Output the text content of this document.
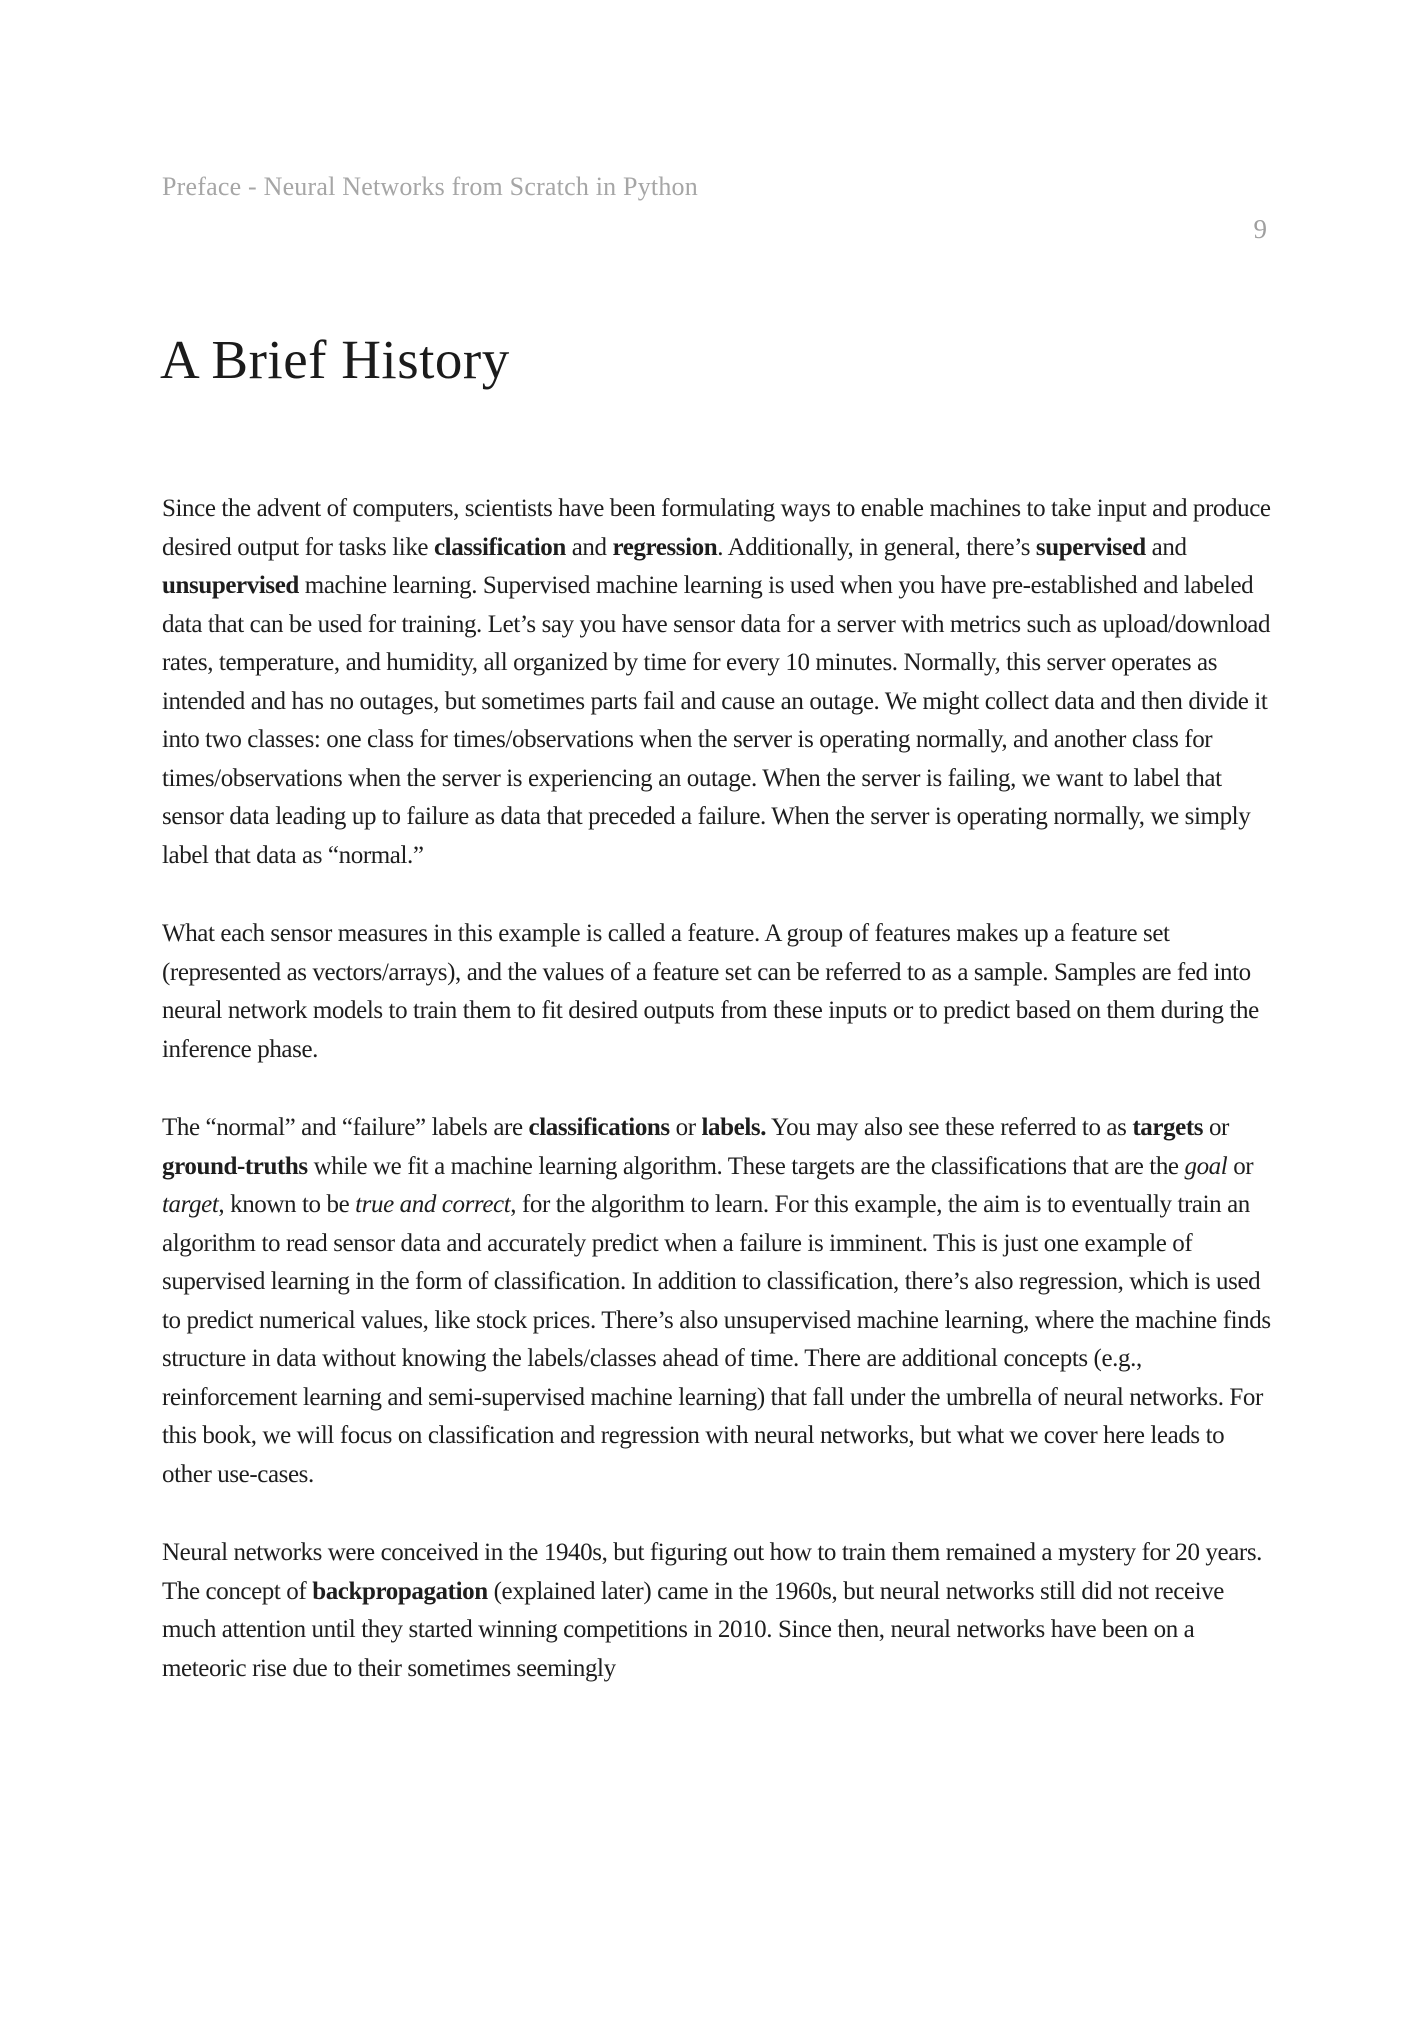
Preface - Neural Networks from Scratch in Python
9
A Brief History

Since the advent of computers, scientists have been formulating ways to enable machines to take input and produce desired output for tasks like classification and regression. Additionally, in general, there’s supervised and unsupervised machine learning. Supervised machine learning is used when you have pre-established and labeled data that can be used for training. Let’s say you have sensor data for a server with metrics such as upload/download rates, temperature, and humidity, all organized by time for every 10 minutes. Normally, this server operates as intended and has no outages, but sometimes parts fail and cause an outage. We might collect data and then divide it into two classes: one class for times/observations when the server is operating normally, and another class for times/observations when the server is experiencing an outage. When the server is failing, we want to label that sensor data leading up to failure as data that preceded a failure. When the server is operating normally, we simply label that data as “normal.”

What each sensor measures in this example is called a feature. A group of features makes up a feature set (represented as vectors/arrays), and the values of a feature set can be referred to as a sample. Samples are fed into neural network models to train them to fit desired outputs from these inputs or to predict based on them during the inference phase.

The “normal” and “failure” labels are classifications or labels. You may also see these referred to as targets or ground-truths while we fit a machine learning algorithm. These targets are the classifications that are the goal or target, known to be true and correct, for the algorithm to learn. For this example, the aim is to eventually train an algorithm to read sensor data and accurately predict when a failure is imminent. This is just one example of supervised learning in the form of classification. In addition to classification, there’s also regression, which is used to predict numerical values, like stock prices. There’s also unsupervised machine learning, where the machine finds structure in data without knowing the labels/classes ahead of time. There are additional concepts (e.g., reinforcement learning and semi-supervised machine learning) that fall under the umbrella of neural networks. For this book, we will focus on classification and regression with neural networks, but what we cover here leads to other use-cases.

Neural networks were conceived in the 1940s, but figuring out how to train them remained a mystery for 20 years. The concept of backpropagation (explained later) came in the 1960s, but neural networks still did not receive much attention until they started winning competitions in 2010. Since then, neural networks have been on a meteoric rise due to their sometimes seemingly
